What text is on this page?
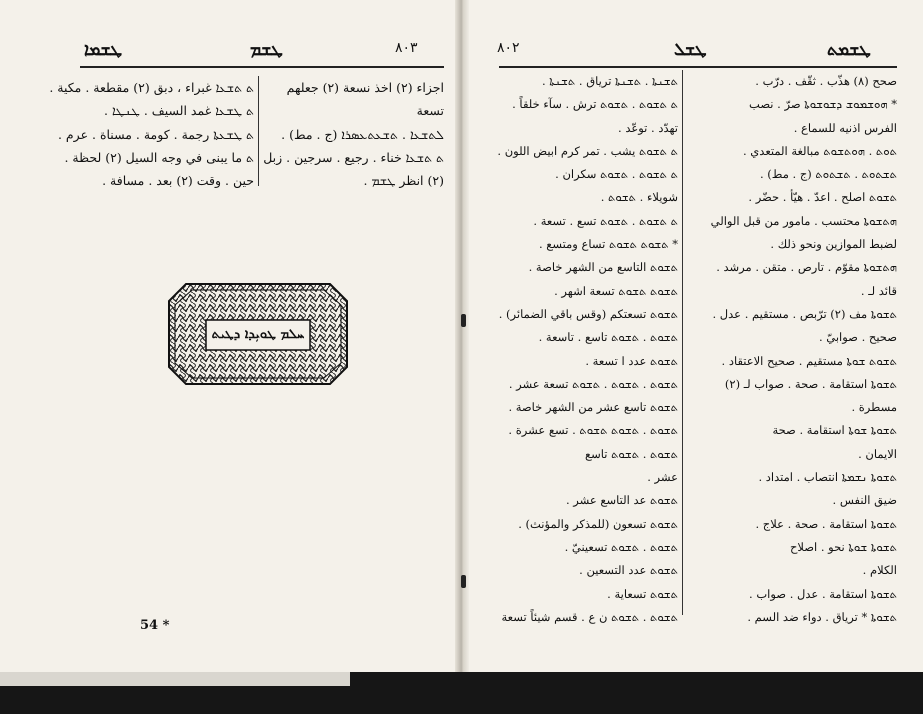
ܛܫܡܐ	ܛܫܡ	٨٠٣
اجزاء (٢) اخذ نسعة (٢) جعلهم
تسعة
ܠܬܫܥܐ . ܬܫܥܬܥܣܪܐ (ج . مط) .
ܬ ܬܫܥܐ خناء . رجيع . سرجين . زبل
(٢) انظر ܛܫܡ .
ܬ ܬܫܥܐ غبراء ، دبق (٢) مقطعة . مكية .
ܬ ܛܫܥܐ غمد السيف . ܛܢܛܐ .
ܬ ܛܫܥܬܐ رجمة . كومة . مسناة . عرم .
ܬ ما يبنى في وجه السيل (٢) لحظة .
حين . وقت (٢) بعد . مسافة .
ܚܠܡ ܛܘܝܼܕܐ ܕܛܝܬ
54 *
٨٠٢	ܛܫܠ	ܛܫܡܬ
صحح (٨) هذّب . ثقّف . درّب .
* ܗܘܫܡܘܫ ܕܫܘܫܘܬܐ صرّ . نصب
الفرس اذنيه للسماع .
ܬܘܬ . ܗܘܬܫܘܬ مبالغة المتعدي .
ܬܫܬܘܬ . ܬܫܬܘܬ (ج . مط) .
ܬܫܘܬ اصلح . اعدّ . هيّأ . حضّر .
ܗܬܫܘܬܐ محتسب . مامور من قبل الوالي
لضبط الموازين ونحو ذلك .
ܗܬܫܘܬܐ مقوّم . تارص . متقن . مرشد .
قائد لـ .
ܬܫܘܬܐ مف (٢) ترّبص . مستقيم . عدل .
صحيح . صوابيّ .
ܬܫܘܬ ܫܘܬܐ مستقيم . صحيح الاعتقاد .
ܬܫܘܬܐ استقامة . صحة . صواب لـ (٢)
مسطرة .
ܬܫܘܬܐ ܫܘܬܐ استقامة . صحة
الايمان .
ܬܫܘܬܐ ܢܫܡܬܐ انتصاب . امتداد .
ضيق النفس .
ܬܫܘܬܐ استقامة . صحة . علاج .
ܬܫܘܬܐ ܫܘܬܐ نحو . اصلاح
الكلام .
ܬܫܘܬܐ استقامة . عدل . صواب .
ܬܫܘܬܐ * ترياق . دواء ضد السم .
ܬܫܢܬܐ . ܬܫܢܬܐ ترياق . ܬܫܢܬܐ .
ܬ ܬܫܘܬ . ܬܫܘܬ ترش . سآء خلقاً .
تهدّد . توعّد .
ܬ ܬܫܘܬ يشب . تمر كرم ابيض اللون .
ܬ ܬܫܘܬ . ܬܫܘܬ سكران .
شويلاء . ܬܫܘܬ .
ܬ ܬܫܘܬ . ܬܫܘܬ تسع . تسعة .
* ܬܫܘܬ ܬܫܘܬ تساع ومتسع .
ܬܫܘܬ التاسع من الشهر خاصة .
ܬܫܘܬ ܬܫܘܬ تسعة اشهر .
ܬܫܘܬ تسعتكم (وقس باقي الضمائر) .
ܬܫܘܬ . ܬܫܘܬ تاسع . تاسعة .
ܬܫܘܬ عدد ا تسعة .
ܬܫܘܬ . ܬܫܘܬ . ܬܫܘܬ تسعة عشر .
ܬܫܘܬ تاسع عشر من الشهر خاصة .
ܬܫܘܬ . ܬܫܘܬ ܬܫܘܬ . تسع عشرة .
ܬܫܘܬ . ܬܫܘܬ تاسع
عشر .
ܬܫܘܬ عد التاسع عشر .
ܬܫܘܬ تسعون (للمذكر والمؤنث) .
ܬܫܘܬ . ܬܫܘܬ تسعينيّ .
ܬܫܘܬ عدد التسعين .
ܬܫܘܬ تسعاية .
ܬܫܘܬ . ܬܫܘܬ ن ع . قسم شيئاً تسعة
